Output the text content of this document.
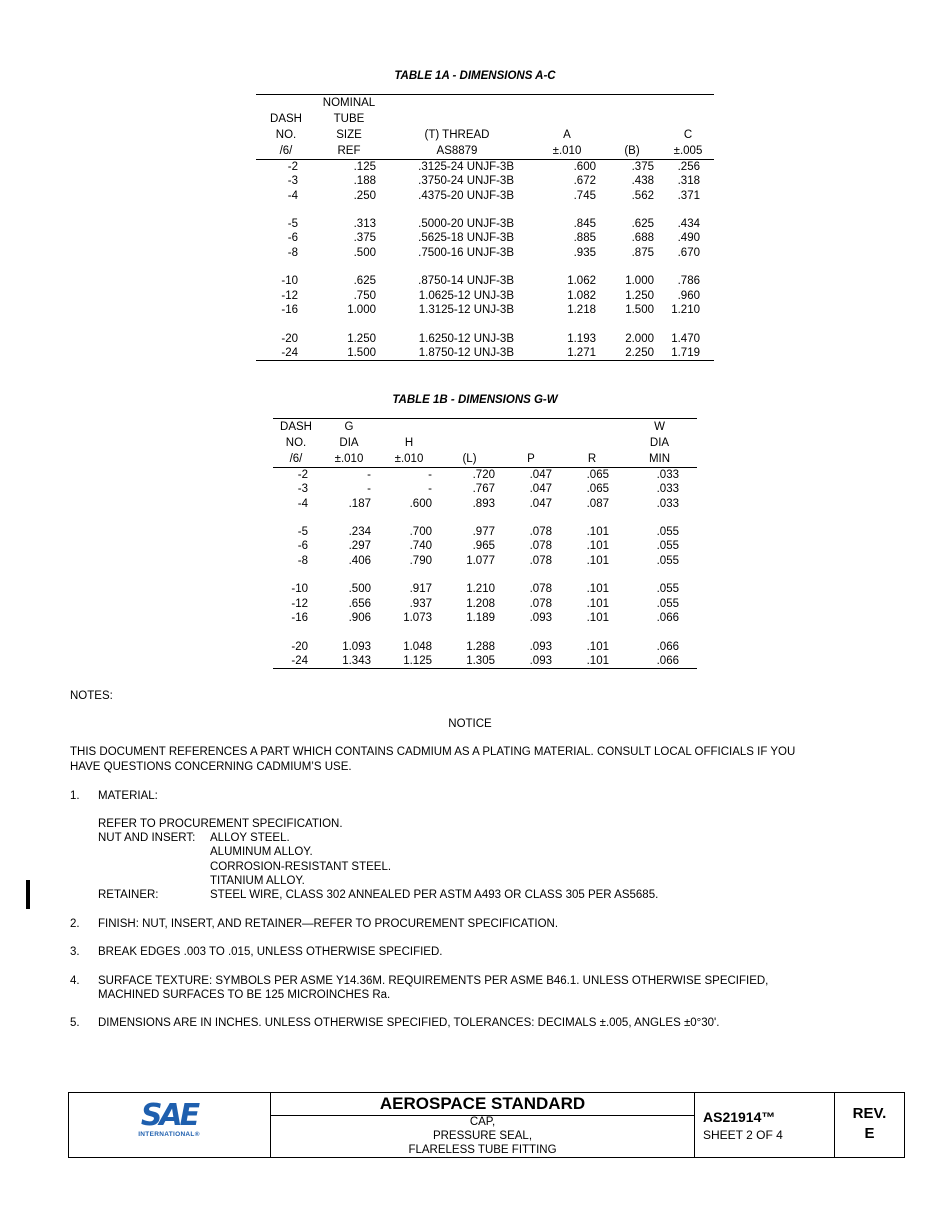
TABLE 1A - DIMENSIONS A-C
	NOMINAL				
DASH	TUBE				
NO.	SIZE	(T) THREAD	A		C
/6/	REF	AS8879	±.010	(B)	±.005
-2	.125	.3125-24 UNJF-3B	.600	.375	.256
-3	.188	.3750-24 UNJF-3B	.672	.438	.318
-4	.250	.4375-20 UNJF-3B	.745	.562	.371

-5	.313	.5000-20 UNJF-3B	.845	.625	.434
-6	.375	.5625-18 UNJF-3B	.885	.688	.490
-8	.500	.7500-16 UNJF-3B	.935	.875	.670

-10	.625	.8750-14 UNJF-3B	1.062	1.000	.786
-12	.750	1.0625-12 UNJ-3B	1.082	1.250	.960
-16	1.000	1.3125-12 UNJ-3B	1.218	1.500	1.210

-20	1.250	1.6250-12 UNJ-3B	1.193	2.000	1.470
-24	1.500	1.8750-12 UNJ-3B	1.271	2.250	1.719
TABLE 1B - DIMENSIONS G-W
DASH	G					W
NO.	DIA	H				DIA
/6/	±.010	±.010	(L)	P	R	MIN
-2	-	-	.720	.047	.065	.033
-3	-	-	.767	.047	.065	.033
-4	.187	.600	.893	.047	.087	.033

-5	.234	.700	.977	.078	.101	.055
-6	.297	.740	.965	.078	.101	.055
-8	.406	.790	1.077	.078	.101	.055

-10	.500	.917	1.210	.078	.101	.055
-12	.656	.937	1.208	.078	.101	.055
-16	.906	1.073	1.189	.093	.101	.066

-20	1.093	1.048	1.288	.093	.101	.066
-24	1.343	1.125	1.305	.093	.101	.066
NOTES:
NOTICE
THIS DOCUMENT REFERENCES A PART WHICH CONTAINS CADMIUM AS A PLATING MATERIAL. CONSULT LOCAL OFFICIALS IF YOU
HAVE QUESTIONS CONCERNING CADMIUM’S USE.
1. MATERIAL:
REFER TO PROCUREMENT SPECIFICATION.
NUT AND INSERT: ALLOY STEEL.
ALUMINUM ALLOY.
CORROSION-RESISTANT STEEL.
TITANIUM ALLOY.
RETAINER:	STEEL WIRE, CLASS 302 ANNEALED PER ASTM A493 OR CLASS 305 PER AS5685.
2. FINISH: NUT, INSERT, AND RETAINER—REFER TO PROCUREMENT SPECIFICATION.
3. BREAK EDGES .003 TO .015, UNLESS OTHERWISE SPECIFIED.
4. SURFACE TEXTURE: SYMBOLS PER ASME Y14.36M. REQUIREMENTS PER ASME B46.1. UNLESS OTHERWISE SPECIFIED,
MACHINED SURFACES TO BE 125 MICROINCHES Ra.
5. DIMENSIONS ARE IN INCHES. UNLESS OTHERWISE SPECIFIED, TOLERANCES: DECIMALS ±.005, ANGLES ±0°30'.
SAE
INTERNATIONAL®
AEROSPACE STANDARD
CAP,
PRESSURE SEAL,
FLARELESS TUBE FITTING
AS21914™
SHEET 2 OF 4
REV.
E
